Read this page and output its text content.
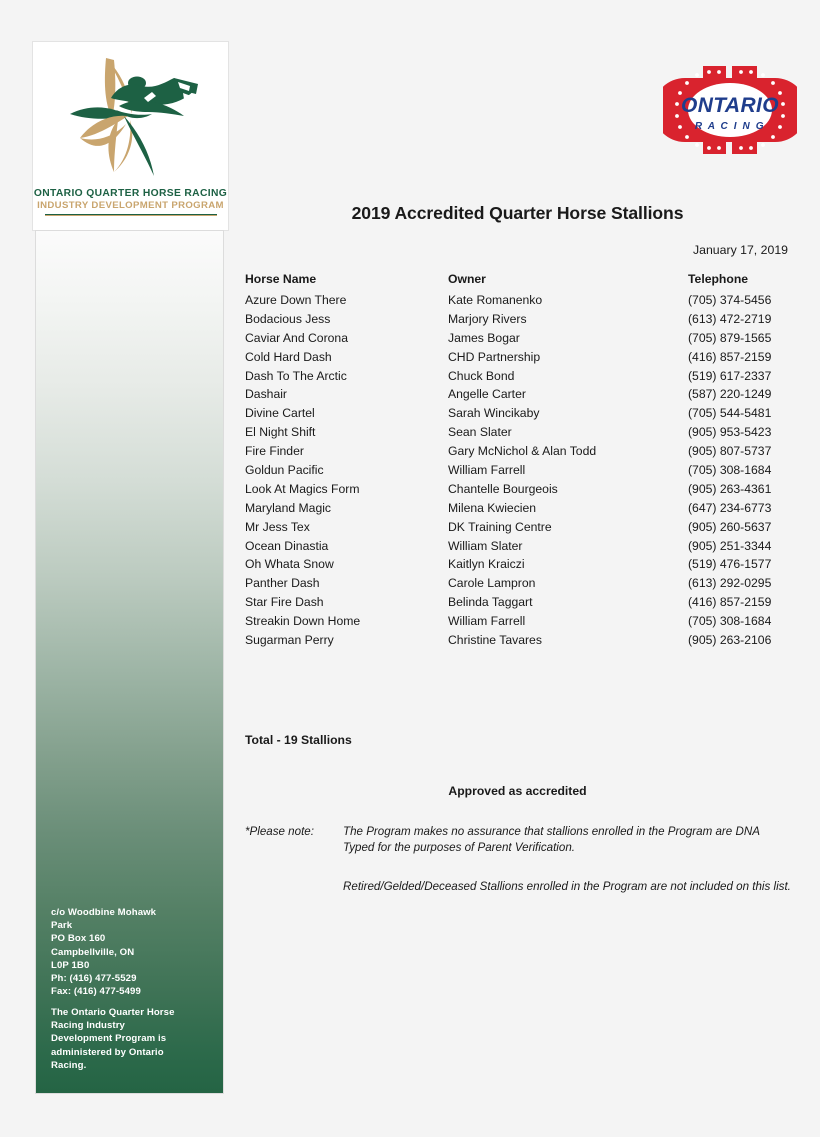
ONTARIO QUARTER HORSE RACING
INDUSTRY DEVELOPMENT PROGRAM
c/o Woodbine Mohawk
Park
PO Box 160
Campbellville, ON
L0P 1B0
Ph: (416) 477-5529
Fax: (416) 477-5499
The Ontario Quarter Horse
Racing Industry
Development Program is
administered by Ontario
Racing.
ONTARIO
R A C I N G
2019 Accredited Quarter Horse Stallions
January 17, 2019
Horse Name	Owner	Telephone
Azure Down There	Kate Romanenko	(705) 374-5456
Bodacious Jess	Marjory Rivers	(613) 472-2719
Caviar And Corona	James Bogar	(705) 879-1565
Cold Hard Dash	CHD Partnership	(416) 857-2159
Dash To The Arctic	Chuck Bond	(519) 617-2337
Dashair	Angelle Carter	(587) 220-1249
Divine Cartel	Sarah Wincikaby	(705) 544-5481
El Night Shift	Sean Slater	(905) 953-5423
Fire Finder	Gary McNichol & Alan Todd	(905) 807-5737
Goldun Pacific	William Farrell	(705) 308-1684
Look At Magics Form	Chantelle Bourgeois	(905) 263-4361
Maryland Magic	Milena Kwiecien	(647) 234-6773
Mr Jess Tex	DK Training Centre	(905) 260-5637
Ocean Dinastia	William Slater	(905) 251-3344
Oh Whata Snow	Kaitlyn Kraiczi	(519) 476-1577
Panther Dash	Carole Lampron	(613) 292-0295
Star Fire Dash	Belinda Taggart	(416) 857-2159
Streakin Down Home	William Farrell	(705) 308-1684
Sugarman Perry	Christine Tavares	(905) 263-2106
Total - 19 Stallions
Approved as accredited
*Please note:	The Program makes no assurance that stallions enrolled in the Program are DNA Typed for the purposes of Parent Verification.
Retired/Gelded/Deceased Stallions enrolled in the Program are not included on this list.
